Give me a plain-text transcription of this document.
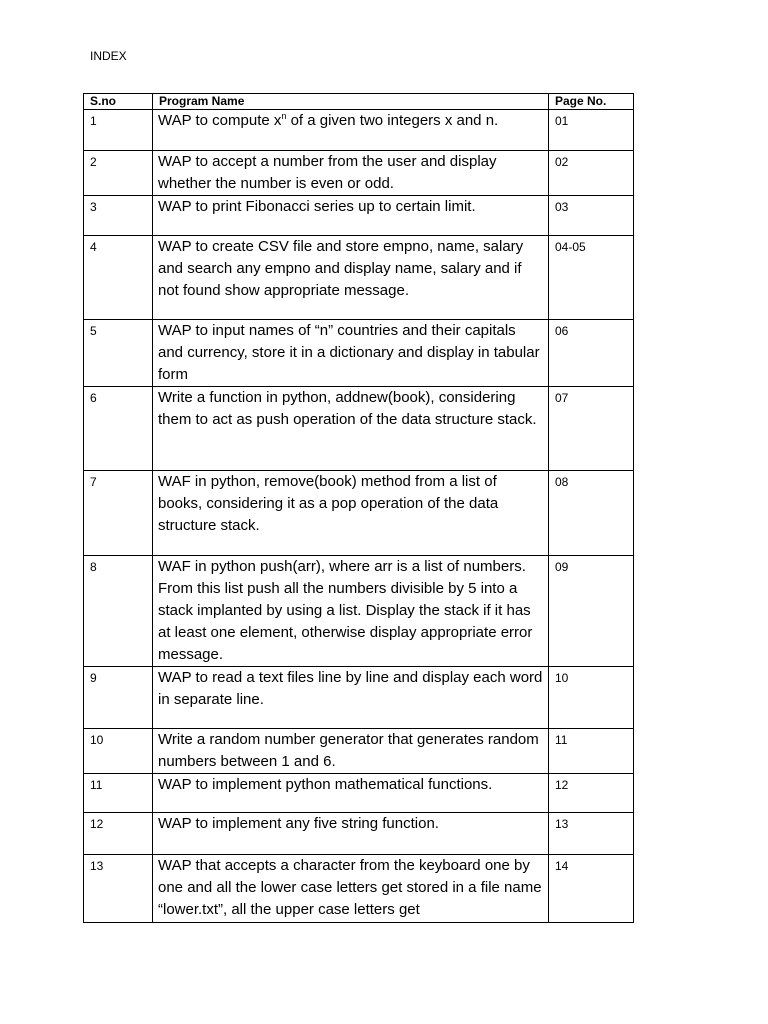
INDEX
S.no	Program Name	Page No.

1	WAP to compute $x^n$ of a given two integers x and n.	01
2	WAP to accept a number from the user and display whether the number is even or odd.	02
3	WAP to print Fibonacci series up to certain limit.	03
4	WAP to create CSV file and store empno, name, salary and search any empno and display name, salary and if not found show appropriate message.	04-05
5	WAP to input names of “n” countries and their capitals and currency, store it in a dictionary and display in tabular form	06
6	Write a function in python, addnew(book), considering them to act as push operation of the data structure stack.	07
7	WAF in python, remove(book) method from a list of books, considering it as a pop operation of the data structure stack.	08
8	WAF in python push(arr), where arr is a list of numbers. From this list push all the numbers divisible by 5 into a stack implanted by using a list. Display the stack if it has at least one element, otherwise display appropriate error message.	09
9	WAP to read a text files line by line and display each word in separate line.	10
10	Write a random number generator that generates random numbers between 1 and 6.	11
11	WAP to implement python mathematical functions.	12
12	WAP to implement any five string function.	13
13	WAP that accepts a character from the keyboard one by one and all the lower case letters get stored in a file name “lower.txt”, all the upper case letters get	14
